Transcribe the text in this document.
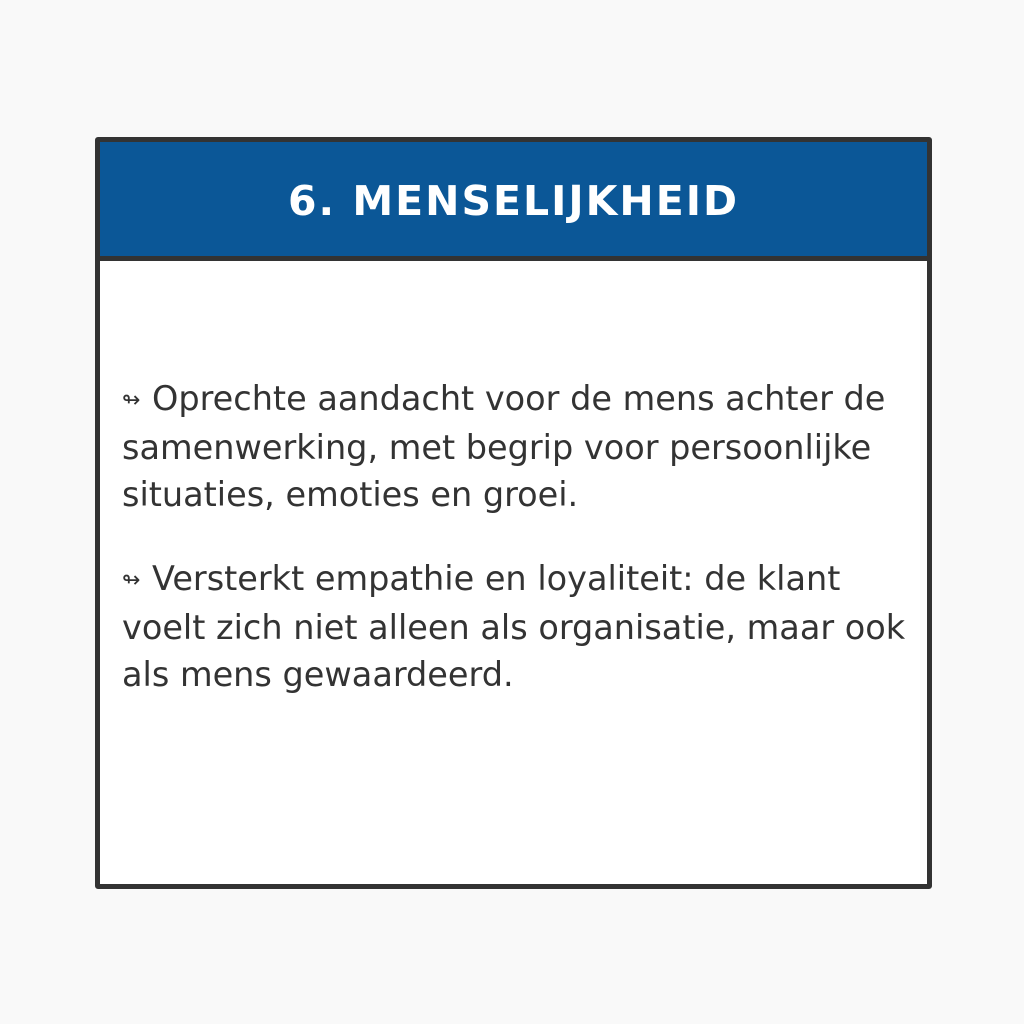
6. MENSELIJKHEID

↬ Oprechte aandacht voor de mens achter de samenwerking, met begrip voor persoonlijke situaties, emoties en groei.

↬ Versterkt empathie en loyaliteit: de klant voelt zich niet alleen als organisatie, maar ook als mens gewaardeerd.
